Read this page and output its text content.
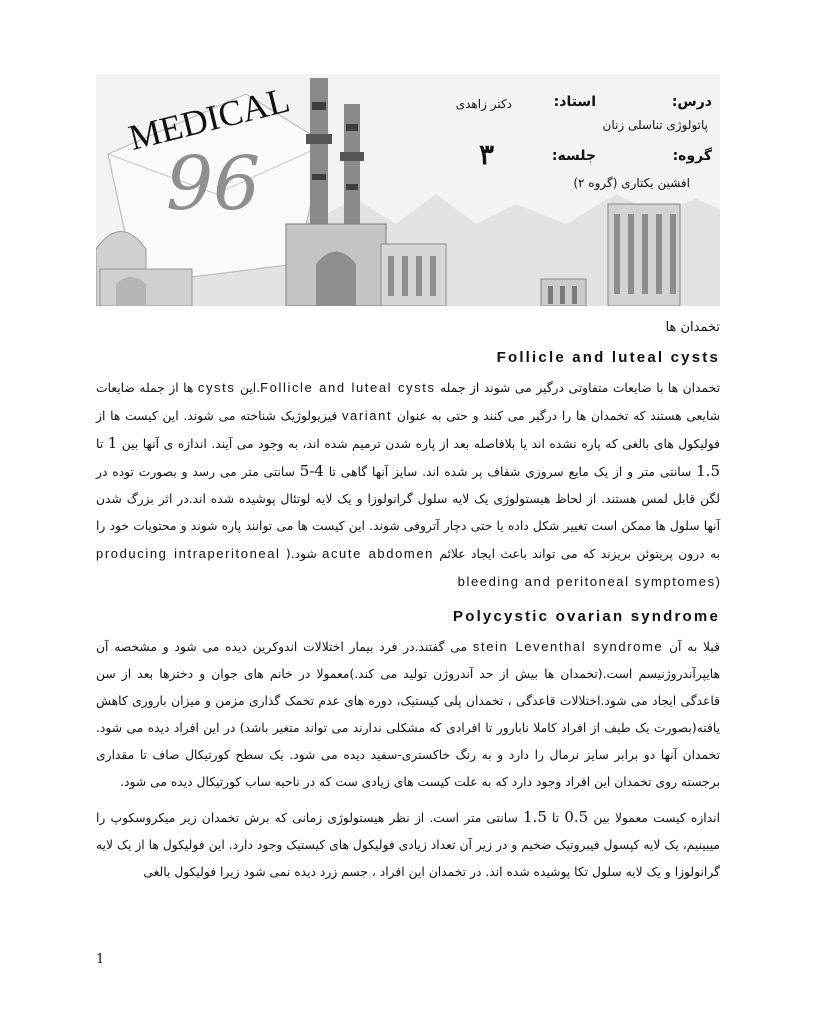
MEDICAL
96
درس:
پاتولوژی تناسلی زنان
استاد:
دکتر زاهدی
گروه:
افشین یکتاری (گروه ۲)
جلسه:
۳
تخمدان ها
Follicle and luteal cysts

تخمدان ها با ضایعات متفاوتی درگیر می شوند از جمله Follicle and luteal cysts.این cysts ها از جمله ضایعات شایعی هستند که تخمدان ها را درگیر می کنند و حتی به عنوان variant فیزیولوژیک شناخته می شوند. این کیست ها از فولیکول های بالغی که پاره نشده اند یا بلافاصله بعد از پاره شدن ترمیم شده اند، به وجود می آیند. اندازه ی آنها بین 1 تا 1.5 سانتی متر و از یک مایع سروزی شفاف پر شده اند. سایز آنها گاهی تا 4-5 سانتی متر می رسد و بصورت توده در لگن قابل لمس هستند. از لحاظ هیستولوژی یک لایه سلول گرانولوزا و یک لایه لوتئال پوشیده شده اند.در اثر بزرگ شدن آنها سلول ها ممکن است تغییر شکل داده یا حتی دچار آتروفی شوند. این کیست ها می توانند پاره شوند و محتویات خود را به درون پریتوئن بریزند که می تواند باعث ایجاد علائم acute abdomen شود.( producing intraperitoneal bleeding and peritoneal symptomes)

Polycystic ovarian syndrome

قبلا به آن stein Leventhal syndrome می گفتند.در فرد بیمار اختلالات اندوکرین دیده می شود و مشخصه آن هایپرآندروژنیسم است.(تخمدان ها بیش از حد آندروژن تولید می کند.)معمولا در خانم های جوان و دخترها بعد از سن قاعدگی ایجاد می شود.اختلالات قاعدگی ، تخمدان پلی کیستیک، دوره های عدم تخمک گذاری مزمن و میزان باروری کاهش یافته(بصورت یک طیف از افراد کاملا نابارور تا افرادی که مشکلی ندارند می تواند متغیر باشد) در این افراد دیده می شود. تخمدان آنها دو برابر سایز نرمال را دارد و به رنگ خاکستری-سفید دیده می شود. یک سطح کورتیکال صاف تا مقداری برجسته روی تخمدان این افراد وجود دارد که به علت کیست های زیادی ست که در ناحیه ساب کورتیکال دیده می شود.

اندازه کیست معمولا بین 0.5 تا 1.5 سانتی متر است. از نظر هیستولوژی زمانی که برش تخمدان زیر میکروسکوپ را میبینیم، یک لایه کپسول فیبروتیک ضخیم و در زیر آن تعداد زیادی فولیکول های کیستیک وجود دارد. این فولیکول ها از یک لایه گرانولوزا و یک لایه سلول تکا پوشیده شده اند. در تخمدان این افراد ، جسم زرد دیده نمی شود زیرا فولیکول بالغی

1
